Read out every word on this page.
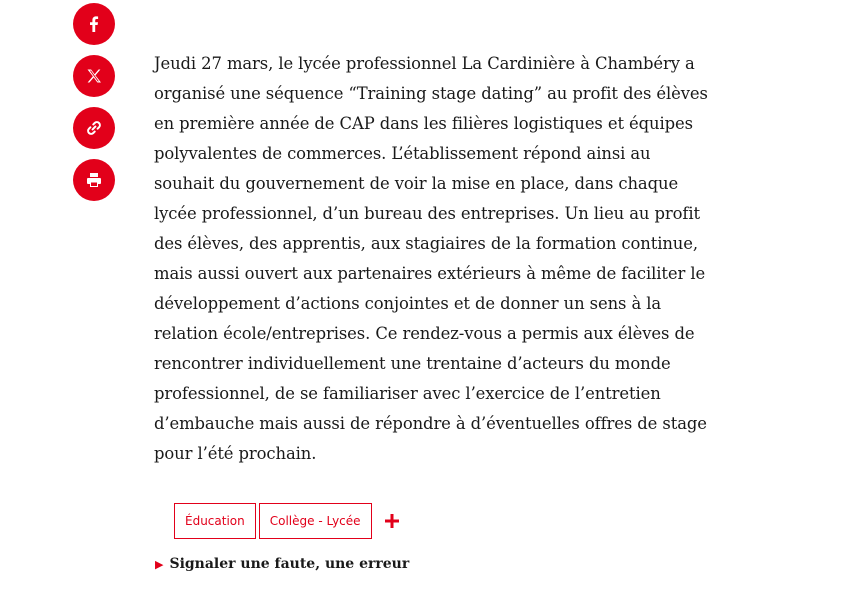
Jeudi 27 mars, le lycée professionnel La Cardinière à Chambéry a organisé une séquence “Training stage dating” au profit des élèves en première année de CAP dans les filières logistiques et équipes polyvalentes de commerces. L’établissement répond ainsi au souhait du gouvernement de voir la mise en place, dans chaque lycée professionnel, d’un bureau des entreprises. Un lieu au profit des élèves, des apprentis, aux stagiaires de la formation continue, mais aussi ouvert aux partenaires extérieurs à même de faciliter le développement d’actions conjointes et de donner un sens à la relation école/entreprises. Ce rendez-vous a permis aux élèves de rencontrer individuellement une trentaine d’acteurs du monde professionnel, de se familiariser avec l’exercice de l’entretien d’embauche mais aussi de répondre à d’éventuelles offres de stage pour l’été prochain.

Éducation	Collège - Lycée
▶ Signaler une faute, une erreur
